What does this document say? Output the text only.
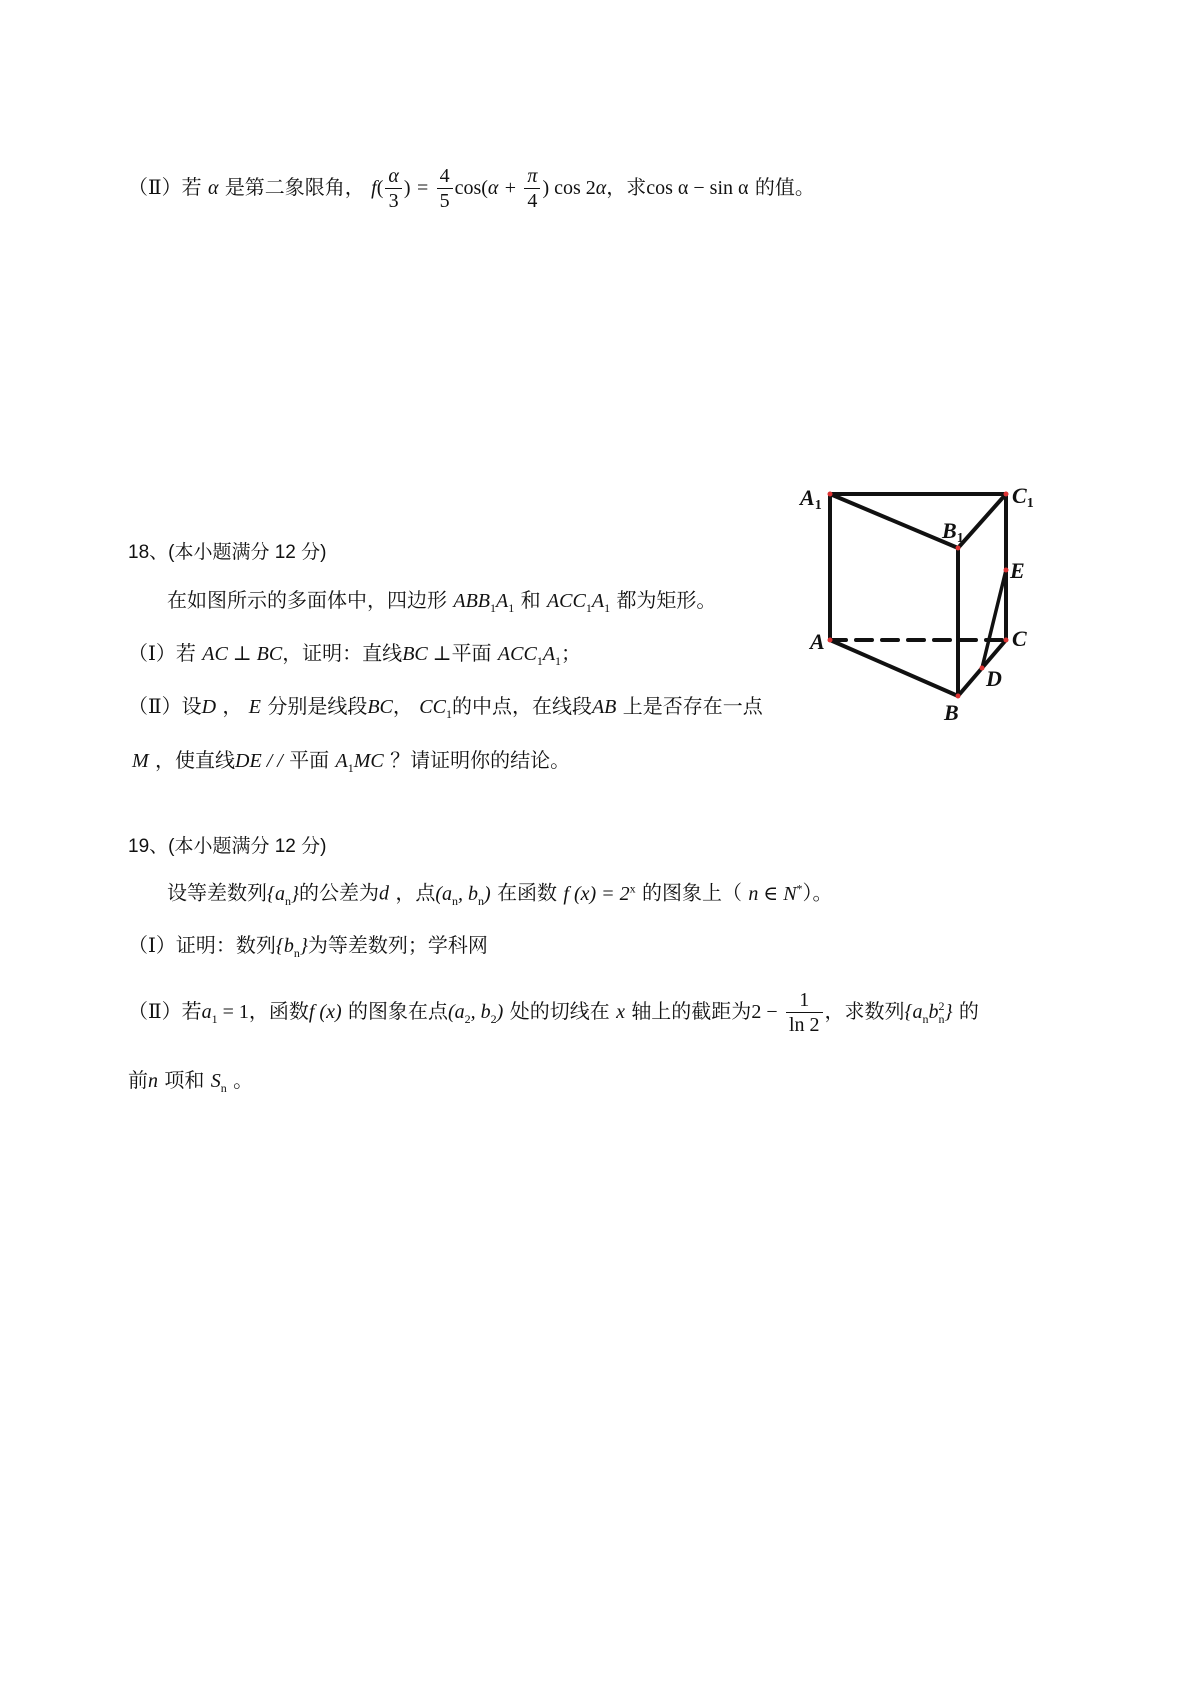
（Ⅱ）若 α 是第二象限角， $f( \frac{\alpha}{3}$ ) = $\frac{4}{5} \cos(\alpha + \frac{\pi}{4}$ ) cos 2α，求cos α − sin α 的值。
18、(本小题满分 12 分)
在如图所示的多面体中，四边形 $ABB_1A_1$ 和 $ACC_1A_1$ 都为矩形。
（Ⅰ）若 AC ⊥ BC，证明：直线BC ⊥平面 $ACC_1A_1$；
（Ⅱ）设D ， E 分别是线段BC， $CC_1$的中点，在线段AB 上是否存在一点
M ，使直线DE / / 平面 $A_1MC$ ？请证明你的结论。
A1	C1
B1
E
A	C
D
B
19、(本小题满分 12 分)
设等差数列$\{a_n\}$的公差为d ，点($a_n$, $b_n$) 在函数 f $(x) = 2^x$ 的图象上（ n ∈ N*）。
（Ⅰ）证明：数列$\{b_n\}$为等差数列；学科网
（Ⅱ）若$a_1 = 1$，函数f (x) 的图象在点($a_2$, $b_2$) 处的切线在 x 轴上的截距为$2 - \frac{1}{\ln 2}$ ，求数列$\{a_nb_n^2\}$ 的
前n 项和 $S_n$ 。
